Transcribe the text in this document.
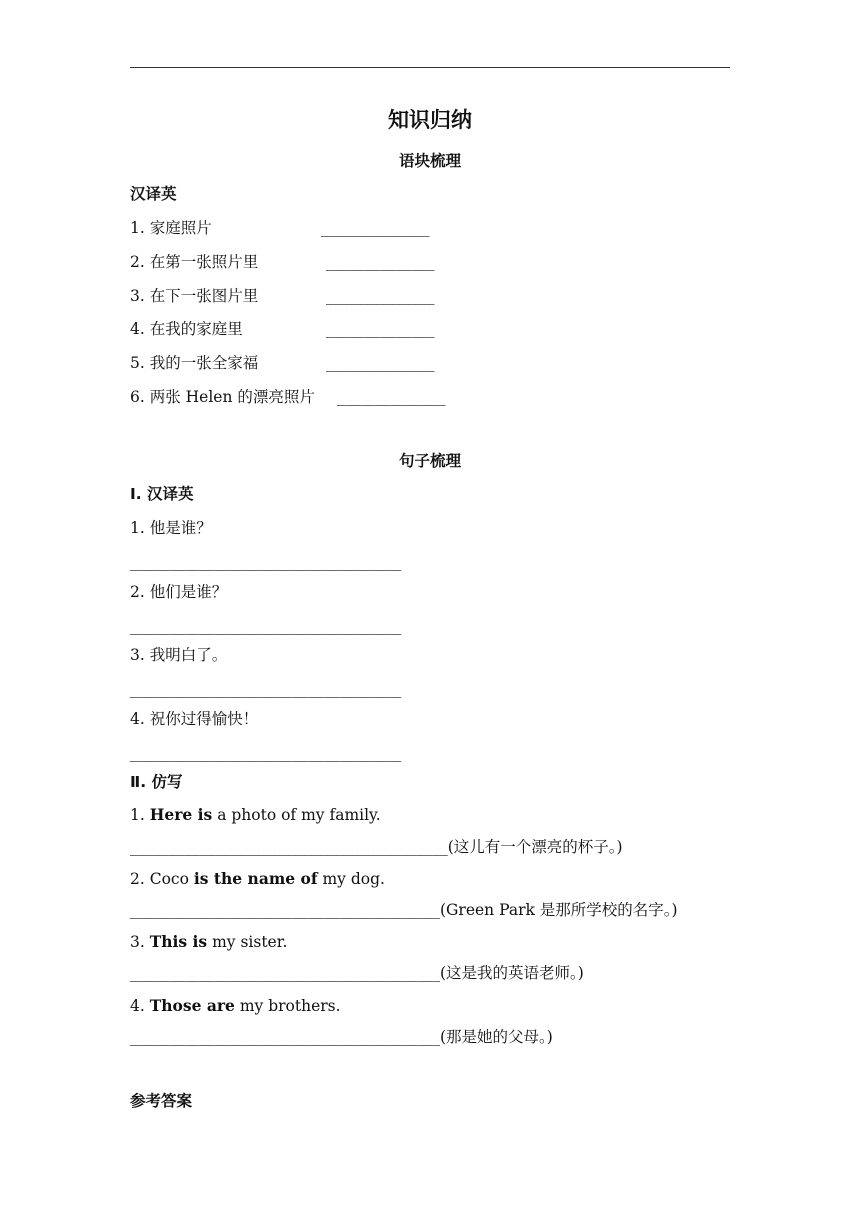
知识归纳
语块梳理
汉译英
1. 家庭照片	______________
2. 在第一张照片里	______________
3. 在下一张图片里	______________
4. 在我的家庭里	______________
5. 我的一张全家福	______________
6. 两张 Helen 的漂亮照片 ______________
句子梳理
Ⅰ. 汉译英
1. 他是谁？
___________________________________
2. 他们是谁？
___________________________________
3. 我明白了。
___________________________________
4. 祝你过得愉快！
___________________________________
Ⅱ. 仿写
1. Here is a photo of my family.
_________________________________________(这儿有一个漂亮的杯子。)
2. Coco is the name of my dog.
________________________________________(Green Park 是那所学校的名字。)
3. This is my sister.
________________________________________(这是我的英语老师。)
4. Those are my brothers.
________________________________________(那是她的父母。)
参考答案
